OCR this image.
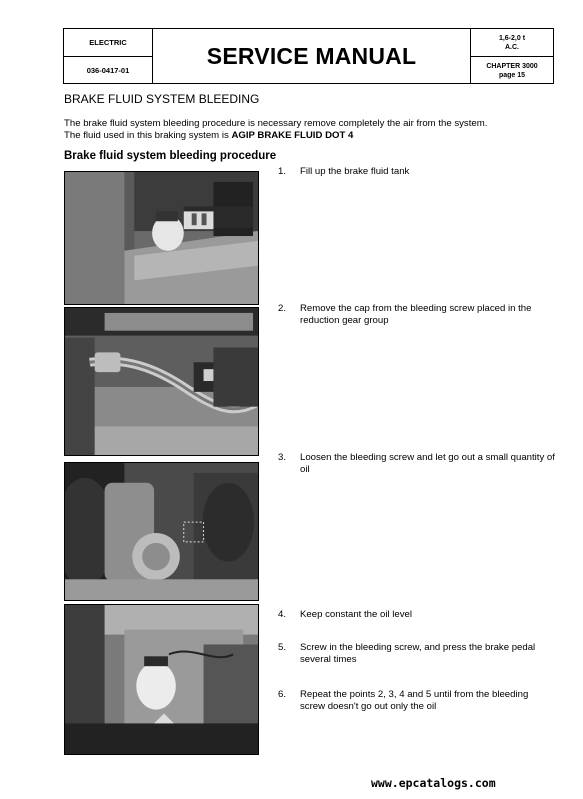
ELECTRIC
036-0417-01
SERVICE MANUAL
1,6-2,0 t
A.C.
CHAPTER 3000
page 15
BRAKE FLUID SYSTEM BLEEDING
The brake fluid system bleeding procedure is necessary remove completely the air from the system.
The fluid used in this braking system is AGIP BRAKE FLUID DOT 4
Brake fluid system bleeding procedure
1. Fill up the brake fluid tank
2. Remove the cap from the bleeding screw placed in the reduction gear group
3. Loosen the bleeding screw and let go out a small quantity of oil
4. Keep constant the oil level
5. Screw in the bleeding screw, and press the brake pedal several times
6. Repeat the points 2, 3, 4 and 5 until from the bleeding screw doesn't go out only the oil
www.epcatalogs.com
